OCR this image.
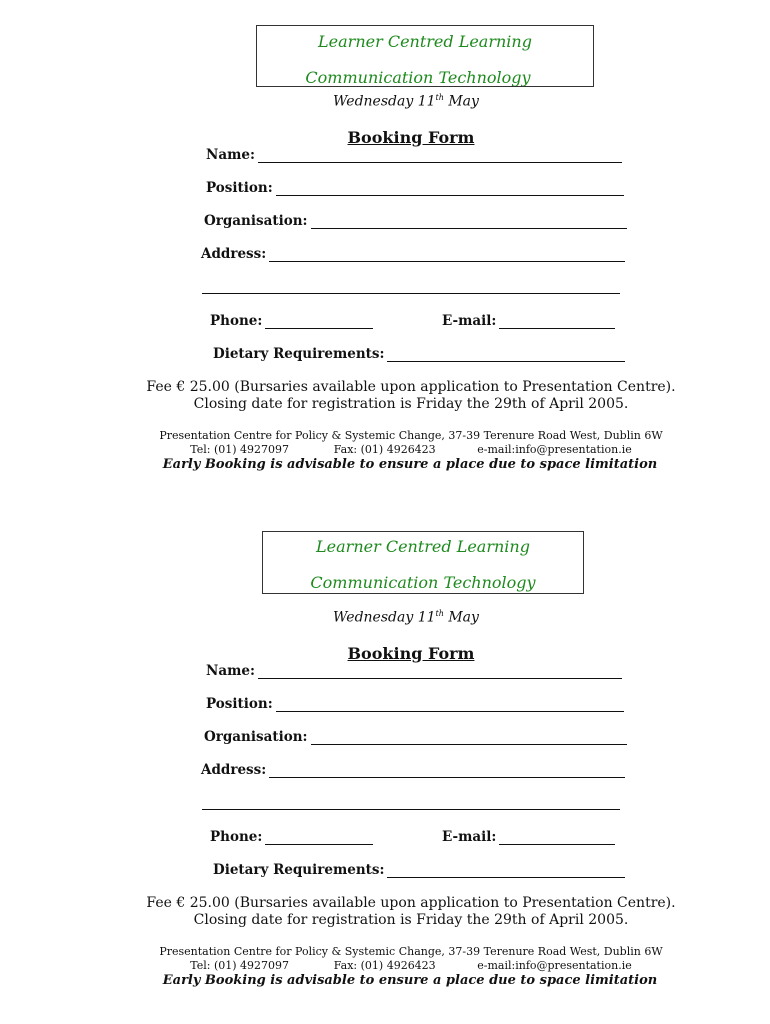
Learner Centred Learning
Communication Technology
Wednesday 11th May
Booking Form
Name:
Position:
Organisation:
Address:
Phone:	E-mail:
Dietary Requirements:
Fee € 25.00 (Bursaries available upon application to Presentation Centre).
Closing date for registration is Friday the 29th of April 2005.
Presentation Centre for Policy & Systemic Change, 37-39 Terenure Road West, Dublin 6W
Tel: (01) 4927097	Fax: (01) 4926423	e-mail:info@presentation.ie
Early Booking is advisable to ensure a place due to space limitation
Learner Centred Learning
Communication Technology
Wednesday 11th May
Booking Form
Name:
Position:
Organisation:
Address:
Phone:	E-mail:
Dietary Requirements:
Fee € 25.00 (Bursaries available upon application to Presentation Centre).
Closing date for registration is Friday the 29th of April 2005.
Presentation Centre for Policy & Systemic Change, 37-39 Terenure Road West, Dublin 6W
Tel: (01) 4927097	Fax: (01) 4926423	e-mail:info@presentation.ie
Early Booking is advisable to ensure a place due to space limitation
